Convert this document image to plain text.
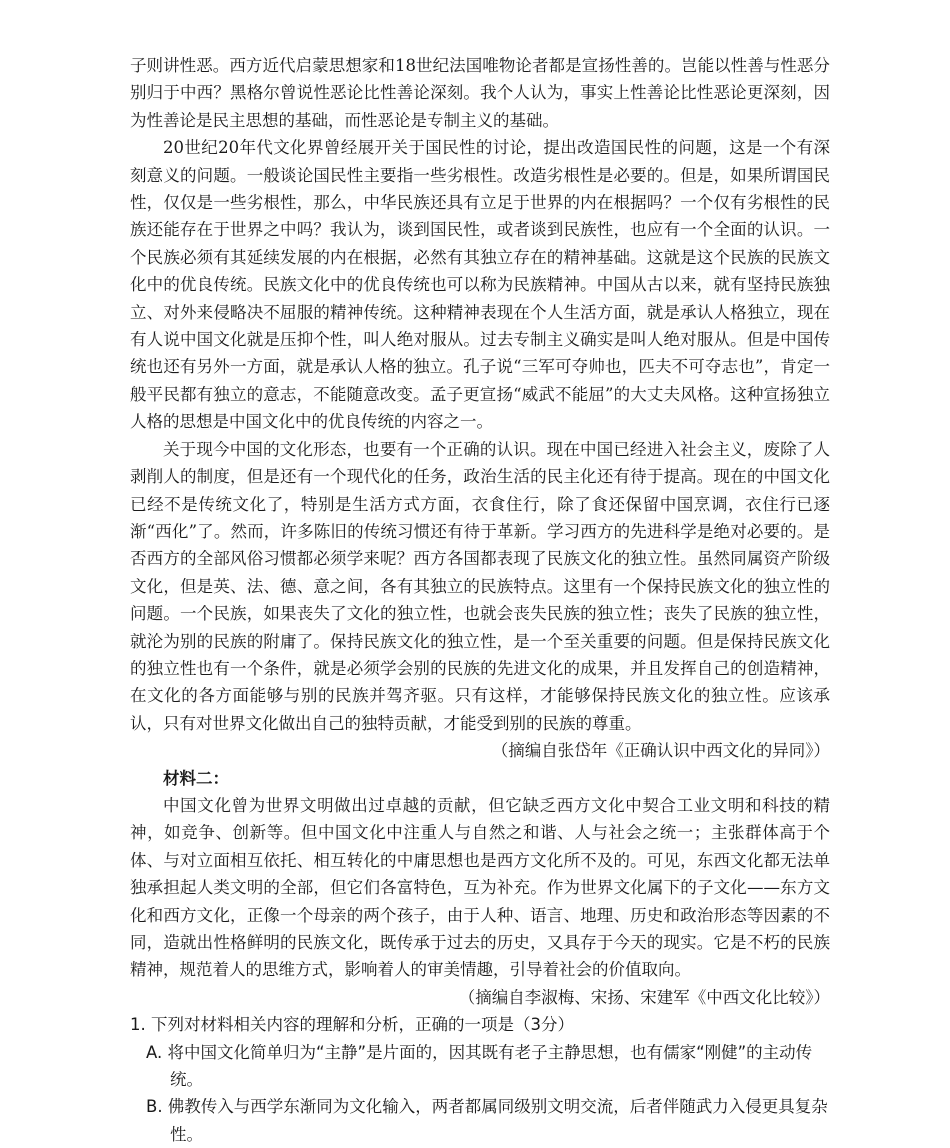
子则讲性恶。西方近代启蒙思想家和18世纪法国唯物论者都是宣扬性善的。岂能以性善与性恶分别归于中西？黑格尔曾说性恶论比性善论深刻。我个人认为，事实上性善论比性恶论更深刻，因为性善论是民主思想的基础，而性恶论是专制主义的基础。

20世纪20年代文化界曾经展开关于国民性的讨论，提出改造国民性的问题，这是一个有深刻意义的问题。一般谈论国民性主要指一些劣根性。改造劣根性是必要的。但是，如果所谓国民性，仅仅是一些劣根性，那么，中华民族还具有立足于世界的内在根据吗？一个仅有劣根性的民族还能存在于世界之中吗？我认为，谈到国民性，或者谈到民族性，也应有一个全面的认识。一个民族必须有其延续发展的内在根据，必然有其独立存在的精神基础。这就是这个民族的民族文化中的优良传统。民族文化中的优良传统也可以称为民族精神。中国从古以来，就有坚持民族独立、对外来侵略决不屈服的精神传统。这种精神表现在个人生活方面，就是承认人格独立，现在有人说中国文化就是压抑个性，叫人绝对服从。过去专制主义确实是叫人绝对服从。但是中国传统也还有另外一方面，就是承认人格的独立。孔子说“三军可夺帅也，匹夫不可夺志也”，肯定一般平民都有独立的意志，不能随意改变。孟子更宣扬“威武不能屈”的大丈夫风格。这种宣扬独立人格的思想是中国文化中的优良传统的内容之一。

关于现今中国的文化形态，也要有一个正确的认识。现在中国已经进入社会主义，废除了人剥削人的制度，但是还有一个现代化的任务，政治生活的民主化还有待于提高。现在的中国文化已经不是传统文化了，特别是生活方式方面，衣食住行，除了食还保留中国烹调，衣住行已逐渐“西化”了。然而，许多陈旧的传统习惯还有待于革新。学习西方的先进科学是绝对必要的。是否西方的全部风俗习惯都必须学来呢？西方各国都表现了民族文化的独立性。虽然同属资产阶级文化，但是英、法、德、意之间，各有其独立的民族特点。这里有一个保持民族文化的独立性的问题。一个民族，如果丧失了文化的独立性，也就会丧失民族的独立性；丧失了民族的独立性，就沦为别的民族的附庸了。保持民族文化的独立性，是一个至关重要的问题。但是保持民族文化的独立性也有一个条件，就是必须学会别的民族的先进文化的成果，并且发挥自己的创造精神，在文化的各方面能够与别的民族并驾齐驱。只有这样，才能够保持民族文化的独立性。应该承认，只有对世界文化做出自己的独特贡献，才能受到别的民族的尊重。

（摘编自张岱年《正确认识中西文化的异同》）

材料二：

中国文化曾为世界文明做出过卓越的贡献，但它缺乏西方文化中契合工业文明和科技的精神，如竞争、创新等。但中国文化中注重人与自然之和谐、人与社会之统一；主张群体高于个体、与对立面相互依托、相互转化的中庸思想也是西方文化所不及的。可见，东西文化都无法单独承担起人类文明的全部，但它们各富特色，互为补充。作为世界文化属下的子文化——东方文化和西方文化，正像一个母亲的两个孩子，由于人种、语言、地理、历史和政治形态等因素的不同，造就出性格鲜明的民族文化，既传承于过去的历史，又具存于今天的现实。它是不朽的民族精神，规范着人的思维方式，影响着人的审美情趣，引导着社会的价值取向。

（摘编自李淑梅、宋扬、宋建军《中西文化比较》）

1. 下列对材料相关内容的理解和分析，正确的一项是（3分）

A. 将中国文化简单归为“主静”是片面的，因其既有老子主静思想，也有儒家“刚健”的主动传统。

B. 佛教传入与西学东渐同为文化输入，两者都属同级别文明交流，后者伴随武力入侵更具复杂性。
